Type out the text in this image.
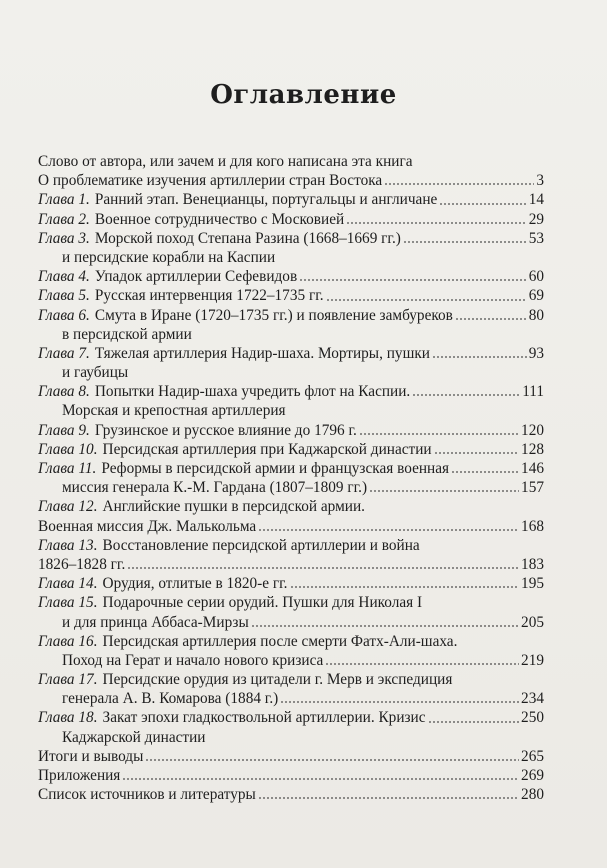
Оглавление
Слово от автора, или зачем и для кого написана эта книга
О проблематике изучения артиллерии стран Востока	3
Глава 1. Ранний этап. Венецианцы, португальцы и англичане	14
Глава 2. Военное сотрудничество с Московией	29
Глава 3. Морской поход Степана Разина (1668–1669 гг.)	53
и персидские корабли на Каспии
Глава 4. Упадок артиллерии Сефевидов	60
Глава 5. Русская интервенция 1722–1735 гг.	69
Глава 6. Смута в Иране (1720–1735 гг.) и появление замбуреков	80
в персидской армии
Глава 7. Тяжелая артиллерия Надир-шаха. Мортиры, пушки	93
и гаубицы
Глава 8. Попытки Надир-шаха учредить флот на Каспии.	111
Морская и крепостная артиллерия
Глава 9. Грузинское и русское влияние до 1796 г.	120
Глава 10. Персидская артиллерия при Каджарской династии	128
Глава 11. Реформы в персидской армии и французская военная	146
миссия генерала К.-М. Гардана (1807–1809 гг.)	157
Глава 12. Английские пушки в персидской армии.
Военная миссия Дж. Малькольма	168
Глава 13. Восстановление персидской артиллерии и война
1826–1828 гг.	183
Глава 14. Орудия, отлитые в 1820-е гг.	195
Глава 15. Подарочные серии орудий. Пушки для Николая I
и для принца Аббаса-Мирзы	205
Глава 16. Персидская артиллерия после смерти Фатх-Али-шаха.
Поход на Герат и начало нового кризиса	219
Глава 17. Персидские орудия из цитадели г. Мерв и экспедиция
генерала А. В. Комарова (1884 г.)	234
Глава 18. Закат эпохи гладкоствольной артиллерии. Кризис	250
Каджарской династии
Итоги и выводы	265
Приложения	269
Список источников и литературы	280
